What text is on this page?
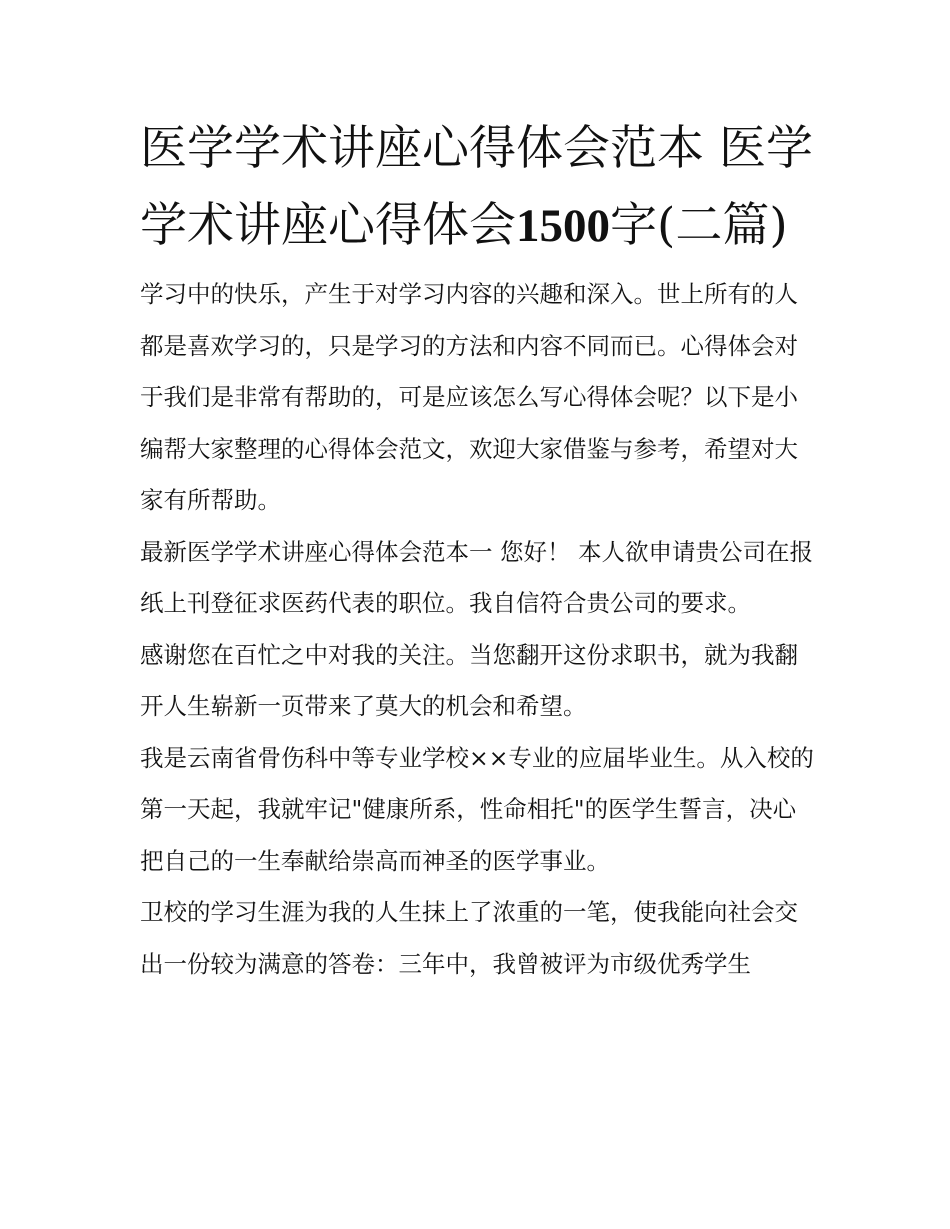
医学学术讲座心得体会范本 医学学术讲座心得体会1500字(二篇)

学习中的快乐，产生于对学习内容的兴趣和深入。世上所有的人都是喜欢学习的，只是学习的方法和内容不同而已。心得体会对于我们是非常有帮助的，可是应该怎么写心得体会呢？以下是小编帮大家整理的心得体会范文，欢迎大家借鉴与参考，希望对大家有所帮助。

最新医学学术讲座心得体会范本一 您好！ 本人欲申请贵公司在报纸上刊登征求医药代表的职位。我自信符合贵公司的要求。

感谢您在百忙之中对我的关注。当您翻开这份求职书，就为我翻开人生崭新一页带来了莫大的机会和希望。

我是云南省骨伤科中等专业学校××专业的应届毕业生。从入校的第一天起，我就牢记"健康所系，性命相托"的医学生誓言，决心把自己的一生奉献给崇高而神圣的医学事业。

卫校的学习生涯为我的人生抹上了浓重的一笔，使我能向社会交出一份较为满意的答卷：三年中，我曾被评为市级优秀学生
